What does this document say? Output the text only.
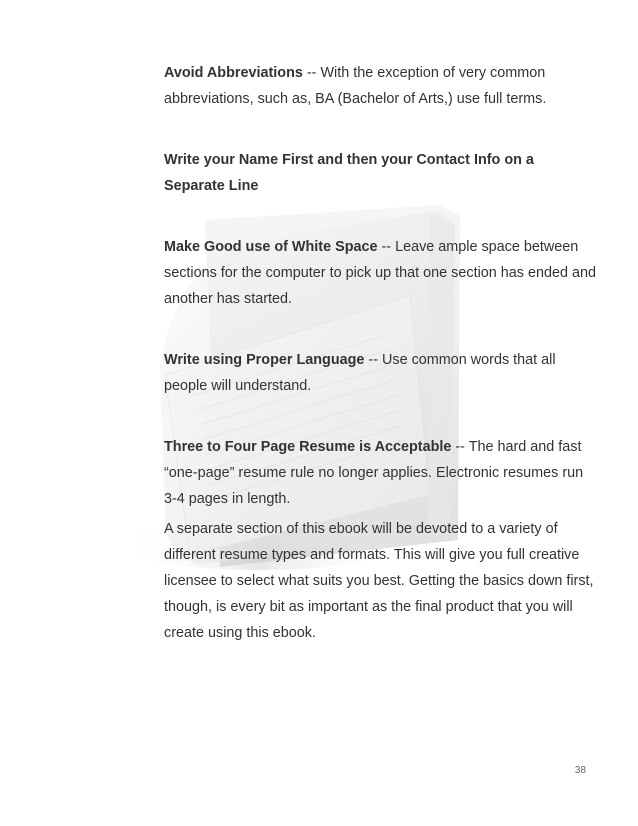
Avoid Abbreviations -- With the exception of very common abbreviations, such as, BA (Bachelor of Arts,) use full terms.

Write your Name First and then your Contact Info on a Separate Line

Make Good use of White Space -- Leave ample space between sections for the computer to pick up that one section has ended and another has started.

Write using Proper Language -- Use common words that all people will understand.

Three to Four Page Resume is Acceptable -- The hard and fast “one-page” resume rule no longer applies. Electronic resumes run 3-4 pages in length.

A separate section of this ebook will be devoted to a variety of different resume types and formats. This will give you full creative licensee to select what suits you best. Getting the basics down first, though, is every bit as important as the final product that you will create using this ebook.

38
